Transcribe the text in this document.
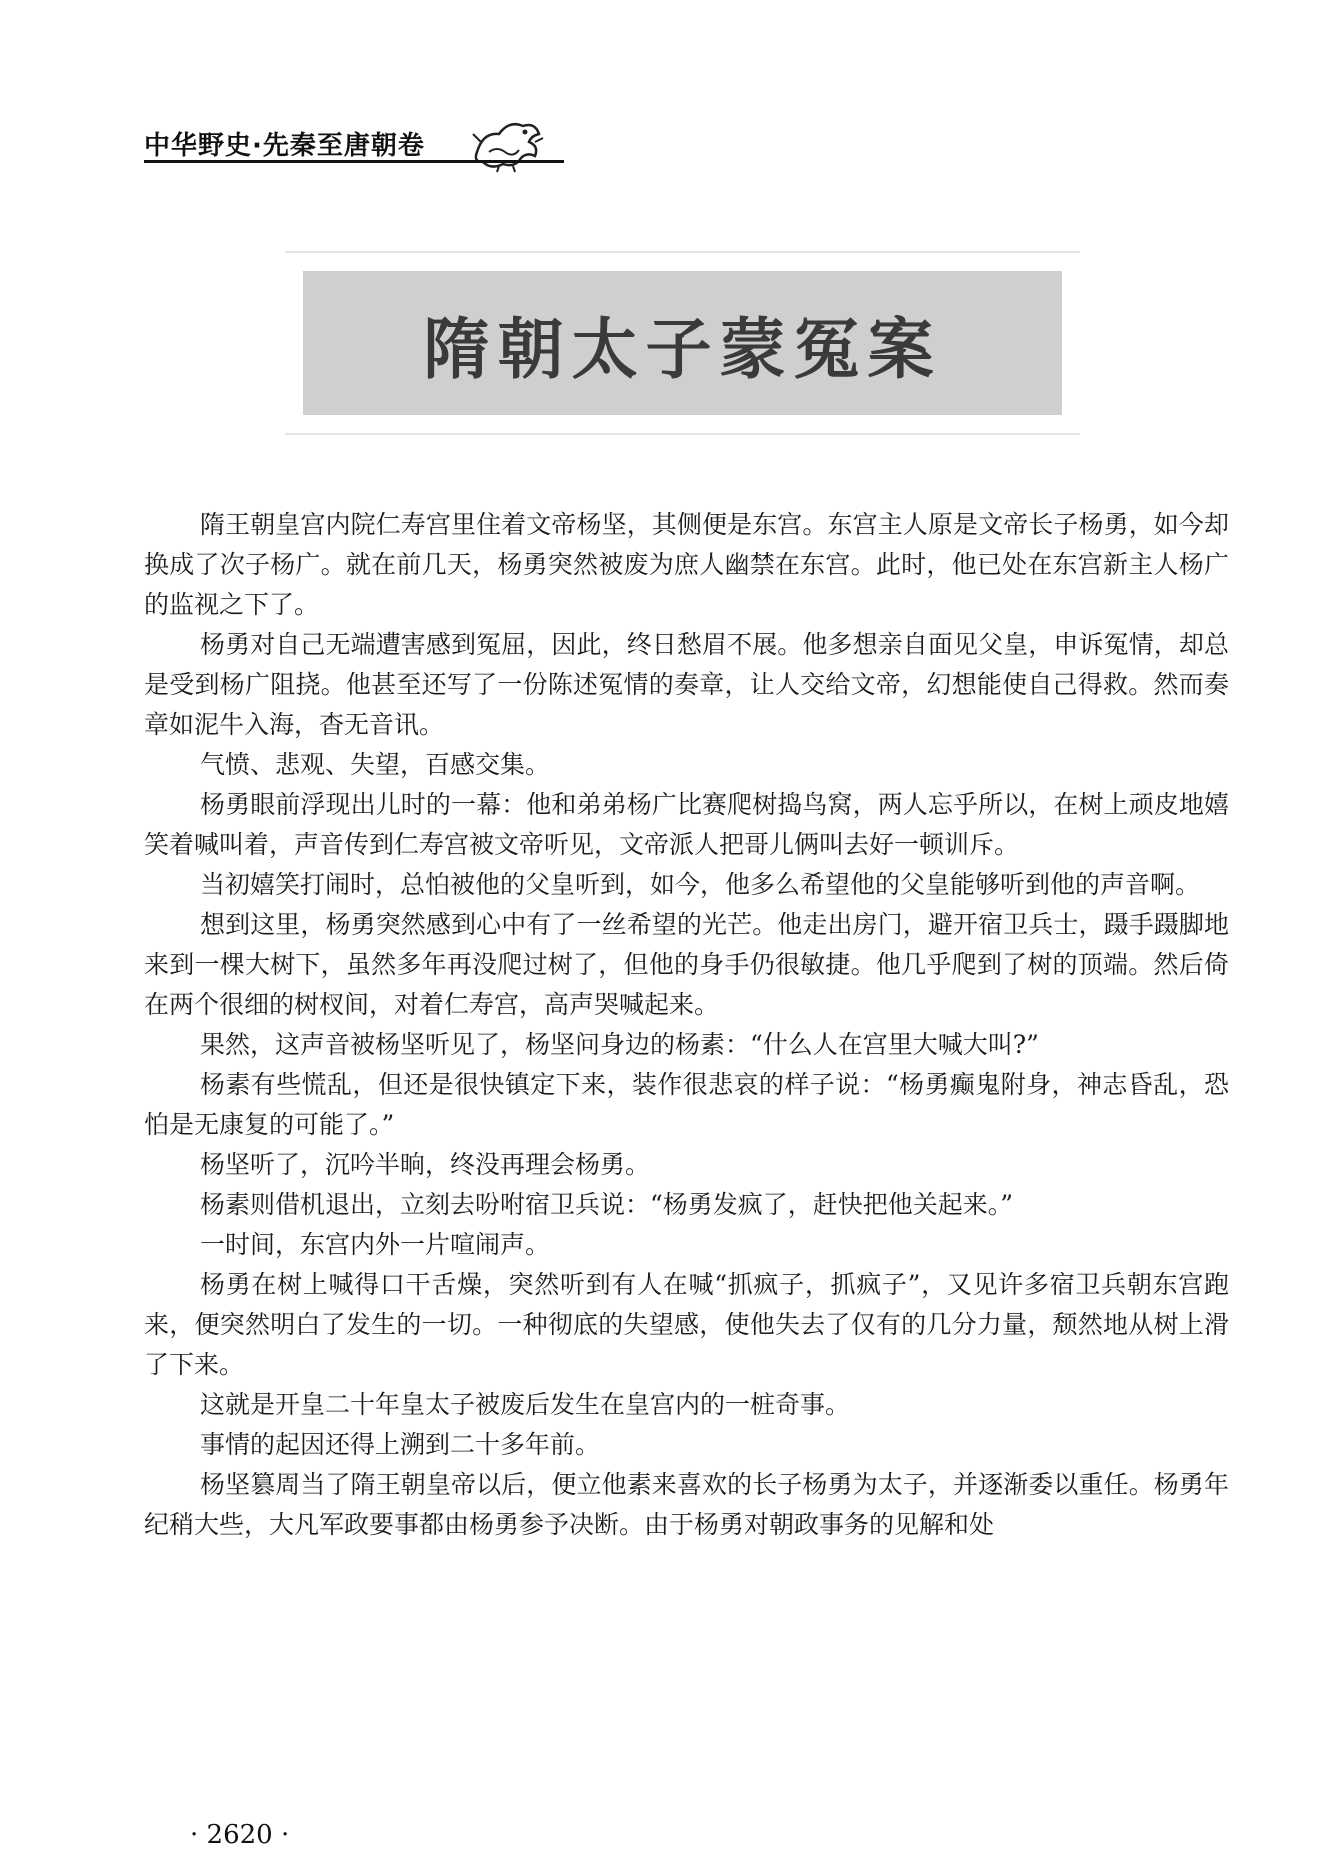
中华野史·先秦至唐朝卷
隋朝太子蒙冤案

隋王朝皇宫内院仁寿宫里住着文帝杨坚，其侧便是东宫。东宫主人原是文帝长子杨勇，如今却换成了次子杨广。就在前几天，杨勇突然被废为庶人幽禁在东宫。此时，他已处在东宫新主人杨广的监视之下了。

杨勇对自己无端遭害感到冤屈，因此，终日愁眉不展。他多想亲自面见父皇，申诉冤情，却总是受到杨广阻挠。他甚至还写了一份陈述冤情的奏章，让人交给文帝，幻想能使自己得救。然而奏章如泥牛入海，杳无音讯。

气愤、悲观、失望，百感交集。

杨勇眼前浮现出儿时的一幕：他和弟弟杨广比赛爬树捣鸟窝，两人忘乎所以，在树上顽皮地嬉笑着喊叫着，声音传到仁寿宫被文帝听见，文帝派人把哥儿俩叫去好一顿训斥。

当初嬉笑打闹时，总怕被他的父皇听到，如今，他多么希望他的父皇能够听到他的声音啊。

想到这里，杨勇突然感到心中有了一丝希望的光芒。他走出房门，避开宿卫兵士，蹑手蹑脚地来到一棵大树下，虽然多年再没爬过树了，但他的身手仍很敏捷。他几乎爬到了树的顶端。然后倚在两个很细的树杈间，对着仁寿宫，高声哭喊起来。

果然，这声音被杨坚听见了，杨坚问身边的杨素：“什么人在宫里大喊大叫?”

杨素有些慌乱，但还是很快镇定下来，装作很悲哀的样子说：“杨勇癫鬼附身，神志昏乱，恐怕是无康复的可能了。”

杨坚听了，沉吟半晌，终没再理会杨勇。

杨素则借机退出，立刻去吩咐宿卫兵说：“杨勇发疯了，赶快把他关起来。”

一时间，东宫内外一片喧闹声。

杨勇在树上喊得口干舌燥，突然听到有人在喊“抓疯子，抓疯子”，又见许多宿卫兵朝东宫跑来，便突然明白了发生的一切。一种彻底的失望感，使他失去了仅有的几分力量，颓然地从树上滑了下来。

这就是开皇二十年皇太子被废后发生在皇宫内的一桩奇事。

事情的起因还得上溯到二十多年前。

杨坚篡周当了隋王朝皇帝以后，便立他素来喜欢的长子杨勇为太子，并逐渐委以重任。杨勇年纪稍大些，大凡军政要事都由杨勇参予决断。由于杨勇对朝政事务的见解和处

· 2620 ·
